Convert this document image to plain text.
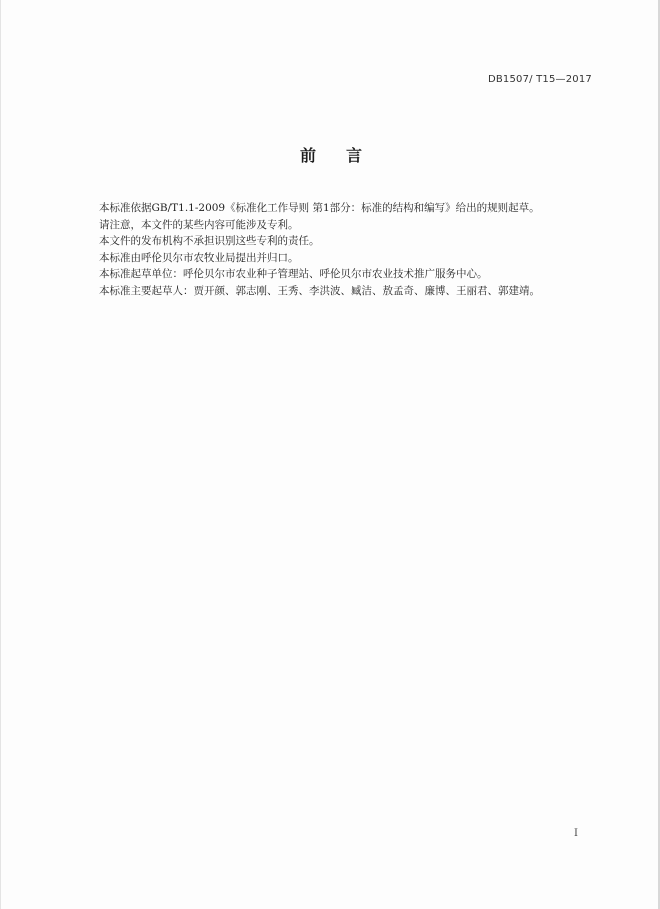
DB1507/ T15—2017
前言
本标准依据GB/T1.1-2009《标准化工作导则 第1部分：标准的结构和编写》给出的规则起草。
请注意，本文件的某些内容可能涉及专利。
本文件的发布机构不承担识别这些专利的责任。
本标准由呼伦贝尔市农牧业局提出并归口。
本标准起草单位：呼伦贝尔市农业种子管理站、呼伦贝尔市农业技术推广服务中心。
本标准主要起草人：贾开颜、郭志刚、王秀、李洪波、臧洁、敖孟奇、廉博、王丽君、郭建靖。
I
